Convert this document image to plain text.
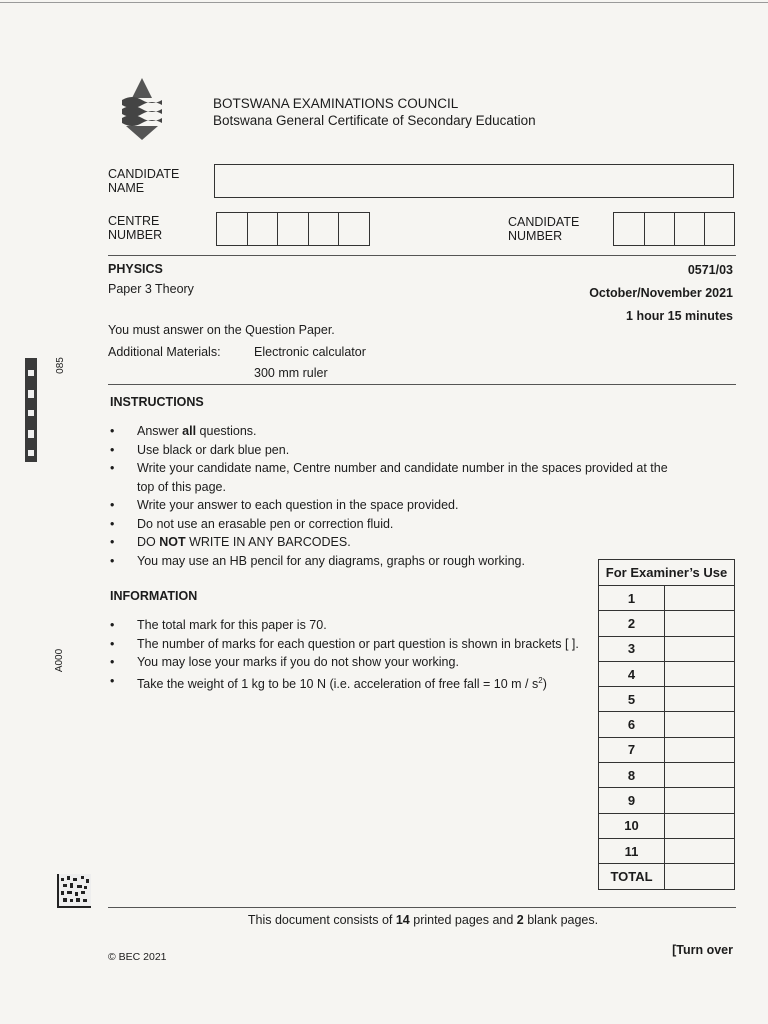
BOTSWANA EXAMINATIONS COUNCIL
Botswana General Certificate of Secondary Education
CANDIDATE
NAME
CENTRE
NUMBER
CANDIDATE
NUMBER
PHYSICS	0571/03
Paper 3 Theory	October/November 2021
1 hour 15 minutes
You must answer on the Question Paper.
Additional Materials:	Electronic calculator
300 mm ruler
INSTRUCTIONS
• Answer all questions.
• Use black or dark blue pen.
• Write your candidate name, Centre number and candidate number in the spaces provided at the top of this page.
• Write your answer to each question in the space provided.
• Do not use an erasable pen or correction fluid.
• DO NOT WRITE IN ANY BARCODES.
• You may use an HB pencil for any diagrams, graphs or rough working.
INFORMATION
• The total mark for this paper is 70.
• The number of marks for each question or part question is shown in brackets [ ].
• You may lose your marks if you do not show your working.
• Take the weight of 1 kg to be 10 N (i.e. acceleration of free fall = 10 m / $s^2$)
For Examiner’s Use	
1	
2	
3	
4	
5	
6	
7	
8	
9	
10	
11	
TOTAL	
085
A000
This document consists of 14 printed pages and 2 blank pages.
© BEC 2021	[Turn over
